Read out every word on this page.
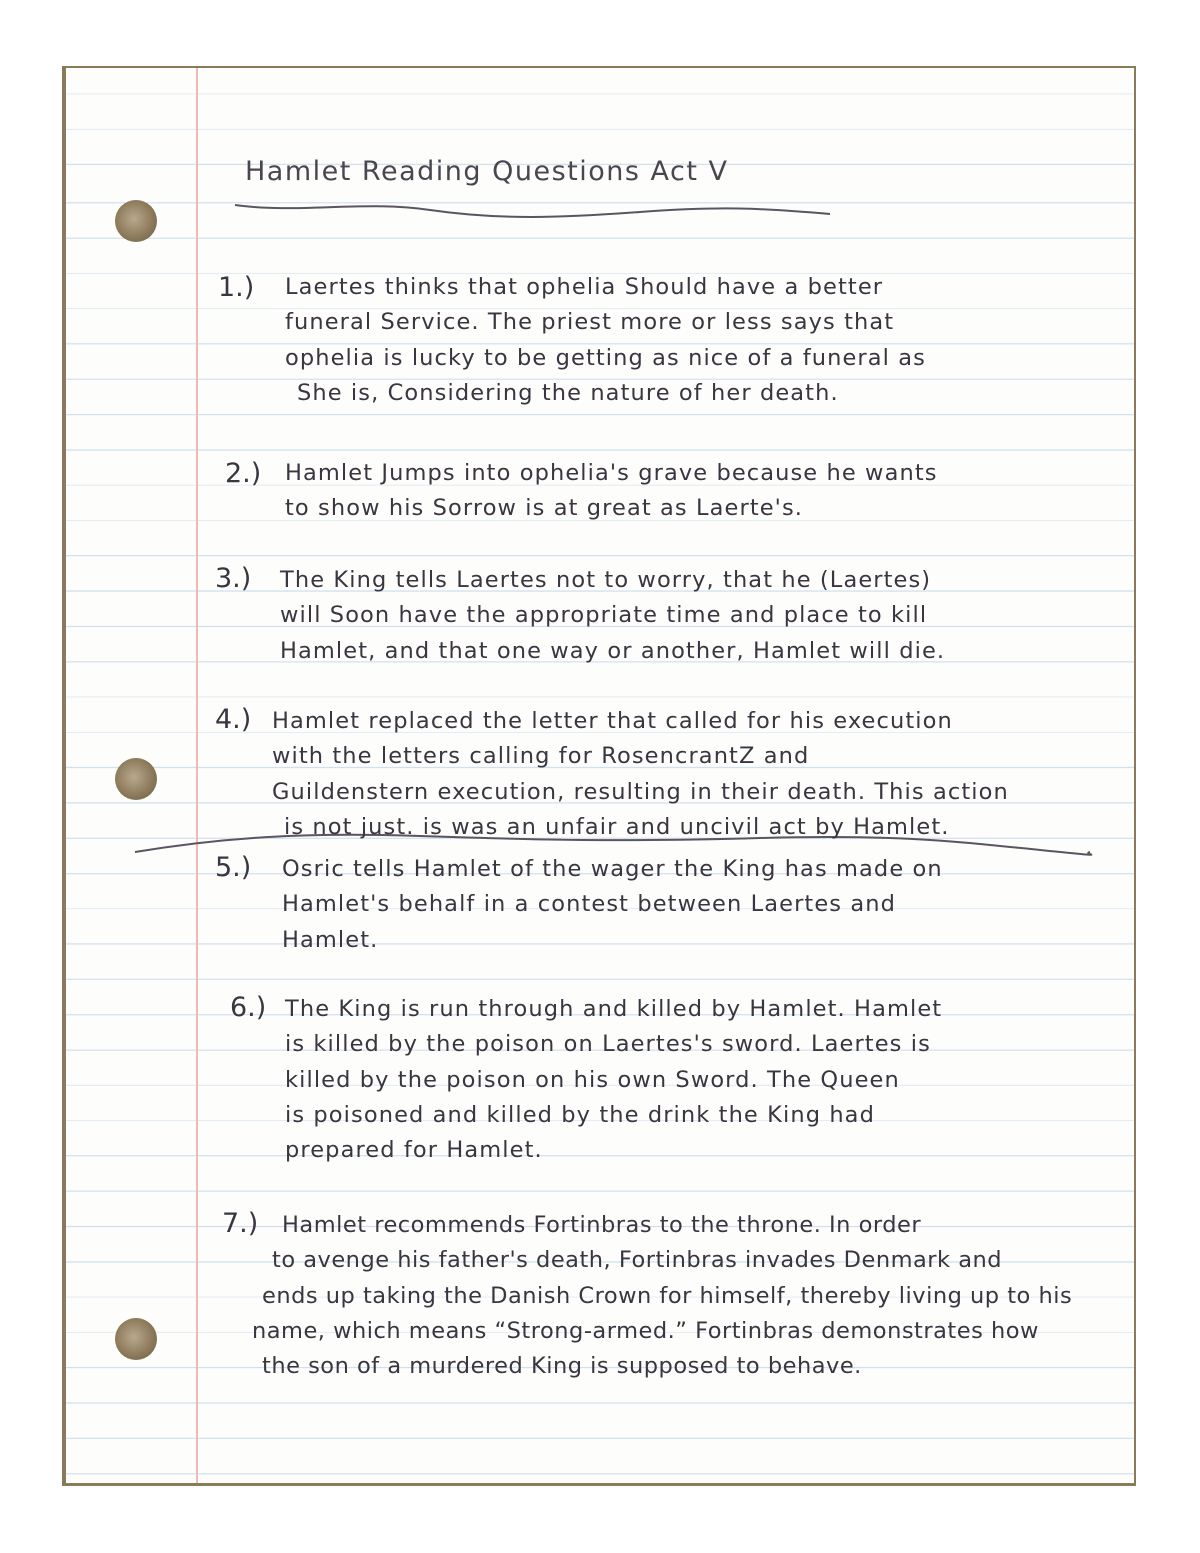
Hamlet Reading Questions Act V
1.) Laertes thinks that ophelia Should have a better
funeral Service. The priest more or less says that
ophelia is lucky to be getting as nice of a funeral as
She is, Considering the nature of her death.
2.) Hamlet Jumps into ophelia's grave because he wants
to show his Sorrow is at great as Laerte's.
3.) The King tells Laertes not to worry, that he (Laertes)
will Soon have the appropriate time and place to kill
Hamlet, and that one way or another, Hamlet will die.
4.) Hamlet replaced the letter that called for his execution
with the letters calling for RosencrantZ and
Guildenstern execution, resulting in their death. This action
is not just. is was an unfair and uncivil act by Hamlet.
5.) Osric tells Hamlet of the wager the King has made on
Hamlet's behalf in a contest between Laertes and
Hamlet.
6.) The King is run through and killed by Hamlet. Hamlet
is killed by the poison on Laertes's sword. Laertes is
killed by the poison on his own Sword. The Queen
is poisoned and killed by the drink the King had
prepared for Hamlet.
7.)	Hamlet recommends Fortinbras to the throne. In order
to avenge his father's death, Fortinbras invades Denmark and
ends up taking the Danish Crown for himself, thereby living up to his
name, which means “Strong-armed.” Fortinbras demonstrates how
the son of a murdered King is supposed to behave.
